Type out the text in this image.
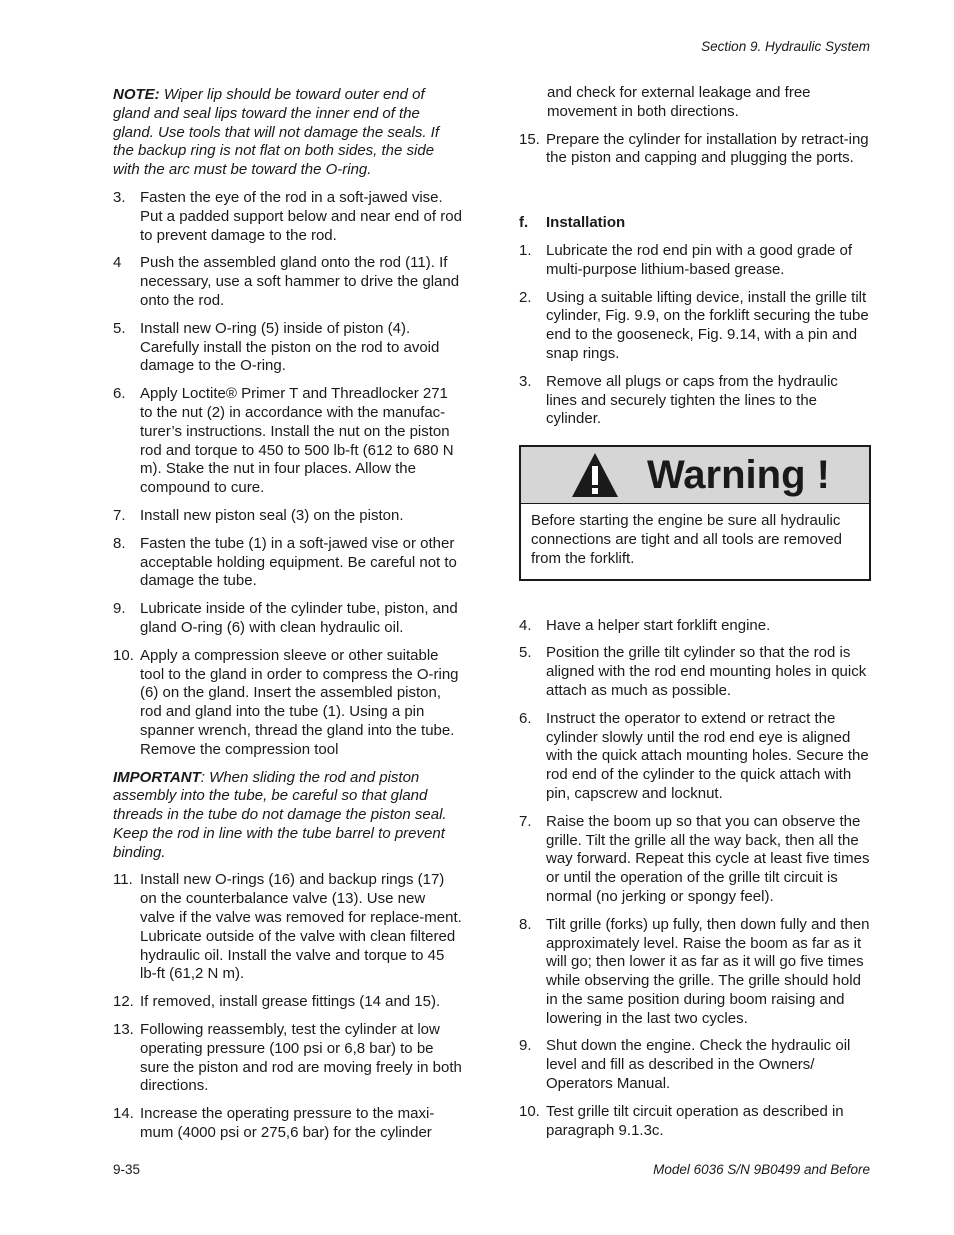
Section 9. Hydraulic System

NOTE: Wiper lip should be toward outer end of gland and seal lips toward the inner end of the gland. Use tools that will not damage the seals. If the backup ring is not flat on both sides, the side with the arc must be toward the O-ring.

3. Fasten the eye of the rod in a soft-jawed vise. Put a padded support below and near end of rod to prevent damage to the rod.
4	Push the assembled gland onto the rod (11). If necessary, use a soft hammer to drive the gland onto the rod.
5. Install new O-ring (5) inside of piston (4). Carefully install the piston on the rod to avoid damage to the O-ring.
6. Apply Loctite® Primer T and Threadlocker 271 to the nut (2) in accordance with the manufac-turer’s instructions. Install the nut on the piston rod and torque to 450 to 500 lb-ft (612 to 680 N m). Stake the nut in four places. Allow the compound to cure.
7. Install new piston seal (3) on the piston.
8. Fasten the tube (1) in a soft-jawed vise or other acceptable holding equipment. Be careful not to damage the tube.
9. Lubricate inside of the cylinder tube, piston, and gland O-ring (6) with clean hydraulic oil.
10. Apply a compression sleeve or other suitable tool to the gland in order to compress the O-ring (6) on the gland. Insert the assembled piston, rod and gland into the tube (1). Using a pin spanner wrench, thread the gland into the tube. Remove the compression tool

IMPORTANT: When sliding the rod and piston assembly into the tube, be careful so that gland threads in the tube do not damage the piston seal. Keep the rod in line with the tube barrel to prevent binding.

11. Install new O-rings (16) and backup rings (17) on the counterbalance valve (13). Use new valve if the valve was removed for replace-ment. Lubricate outside of the valve with clean filtered hydraulic oil. Install the valve and torque to 45 lb-ft (61,2 N m).
12. If removed, install grease fittings (14 and 15).
13. Following reassembly, test the cylinder at low operating pressure (100 psi or 6,8 bar) to be sure the piston and rod are moving freely in both directions.
14. Increase the operating pressure to the maxi-mum (4000 psi or 275,6 bar) for the cylinder
and check for external leakage and free movement in both directions.
15. Prepare the cylinder for installation by retract-ing the piston and capping and plugging the ports.
f.	Installation
1. Lubricate the rod end pin with a good grade of multi-purpose lithium-based grease.
2. Using a suitable lifting device, install the grille tilt cylinder, Fig. 9.9, on the forklift securing the tube end to the gooseneck, Fig. 9.14, with a pin and snap rings.
3. Remove all plugs or caps from the hydraulic lines and securely tighten the lines to the cylinder.
Warning !
Before starting the engine be sure all hydraulic connections are tight and all tools are removed from the forklift.
4. Have a helper start forklift engine.
5. Position the grille tilt cylinder so that the rod is aligned with the rod end mounting holes in quick attach as much as possible.
6. Instruct the operator to extend or retract the cylinder slowly until the rod end eye is aligned with the quick attach mounting holes. Secure the rod end of the cylinder to the quick attach with pin, capscrew and locknut.
7. Raise the boom up so that you can observe the grille. Tilt the grille all the way back, then all the way forward. Repeat this cycle at least five times or until the operation of the grille tilt circuit is normal (no jerking or spongy feel).
8. Tilt grille (forks) up fully, then down fully and then approximately level. Raise the boom as far as it will go; then lower it as far as it will go five times while observing the grille. The grille should hold in the same position during boom raising and lowering in the last two cycles.
9. Shut down the engine. Check the hydraulic oil level and fill as described in the Owners/ Operators Manual.
10. Test grille tilt circuit operation as described in paragraph 9.1.3c.
9-35	Model 6036 S/N 9B0499 and Before
